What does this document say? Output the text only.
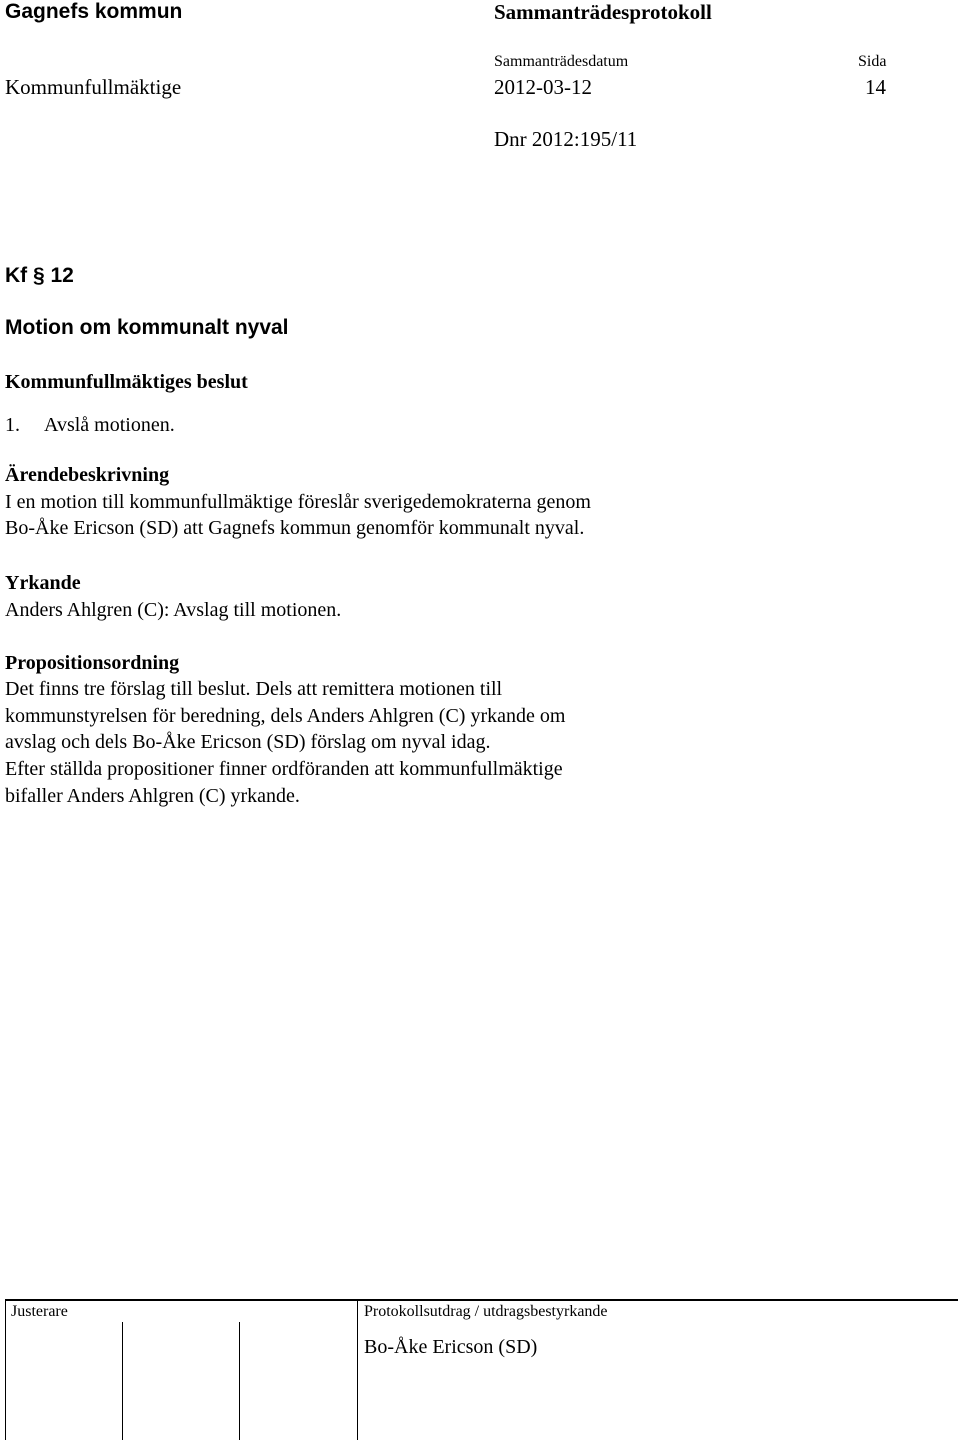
Gagnefs kommun	Sammanträdesprotokoll
Sammanträdesdatum	Sida
Kommunfullmäktige	2012-03-12	14
Dnr 2012:195/11
Kf § 12
Motion om kommunalt nyval
Kommunfullmäktiges beslut
1. Avslå motionen.
Ärendebeskrivning
I en motion till kommunfullmäktige föreslår sverigedemokraterna genom
Bo-Åke Ericson (SD) att Gagnefs kommun genomför kommunalt nyval.
Yrkande
Anders Ahlgren (C): Avslag till motionen.
Propositionsordning
Det finns tre förslag till beslut. Dels att remittera motionen till
kommunstyrelsen för beredning, dels Anders Ahlgren (C) yrkande om
avslag och dels Bo-Åke Ericson (SD) förslag om nyval idag.
Efter ställda propositioner finner ordföranden att kommunfullmäktige
bifaller Anders Ahlgren (C) yrkande.
Justerare	Protokollsutdrag / utdragsbestyrkande
Bo-Åke Ericson (SD)
